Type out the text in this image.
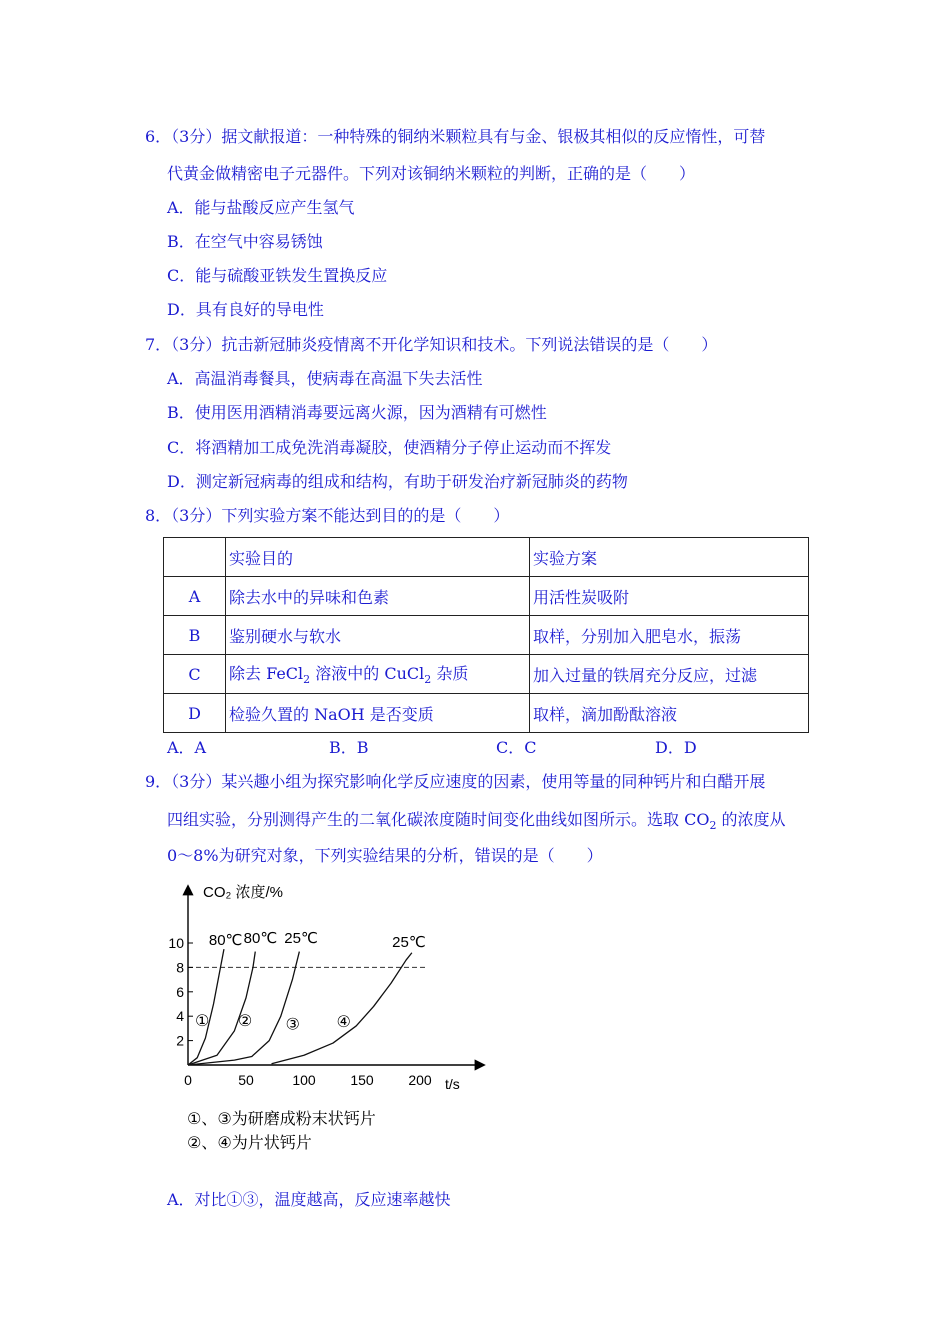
6．（3分）据文献报道：一种特殊的铜纳米颗粒具有与金、银极其相似的反应惰性，可替
代黄金做精密电子元器件。下列对该铜纳米颗粒的判断，正确的是（　　）
A．能与盐酸反应产生氢气
B．在空气中容易锈蚀
C．能与硫酸亚铁发生置换反应
D．具有良好的导电性
7．（3分）抗击新冠肺炎疫情离不开化学知识和技术。下列说法错误的是（　　）
A．高温消毒餐具，使病毒在高温下失去活性
B．使用医用酒精消毒要远离火源，因为酒精有可燃性
C．将酒精加工成免洗消毒凝胶，使酒精分子停止运动而不挥发
D．测定新冠病毒的组成和结构，有助于研发治疗新冠肺炎的药物
8．（3分）下列实验方案不能达到目的的是（　　）
	实验目的	实验方案
A	除去水中的异味和色素	用活性炭吸附
B	鉴别硬水与软水	取样，分别加入肥皂水，振荡
C	除去 FeCl$_2$ 溶液中的 CuCl$_2$ 杂质	加入过量的铁屑充分反应，过滤
D	检验久置的 NaOH 是否变质	取样，滴加酚酞溶液
A．A	B．B	C．C	D．D
9．（3分）某兴趣小组为探究影响化学反应速度的因素，使用等量的同种钙片和白醋开展
四组实验，分别测得产生的二氧化碳浓度随时间变化曲线如图所示。选取 $CO_2$ 的浓度从
0～8%为研究对象，下列实验结果的分析，错误的是（　　）
2
4
6
8
10
0	50	100 150 200
CO₂ 浓度/%
t/s
80℃
①
80℃
②
25℃
③
25℃
④
①、③为研磨成粉末状钙片
②、④为片状钙片
A．对比①③，温度越高，反应速率越快
